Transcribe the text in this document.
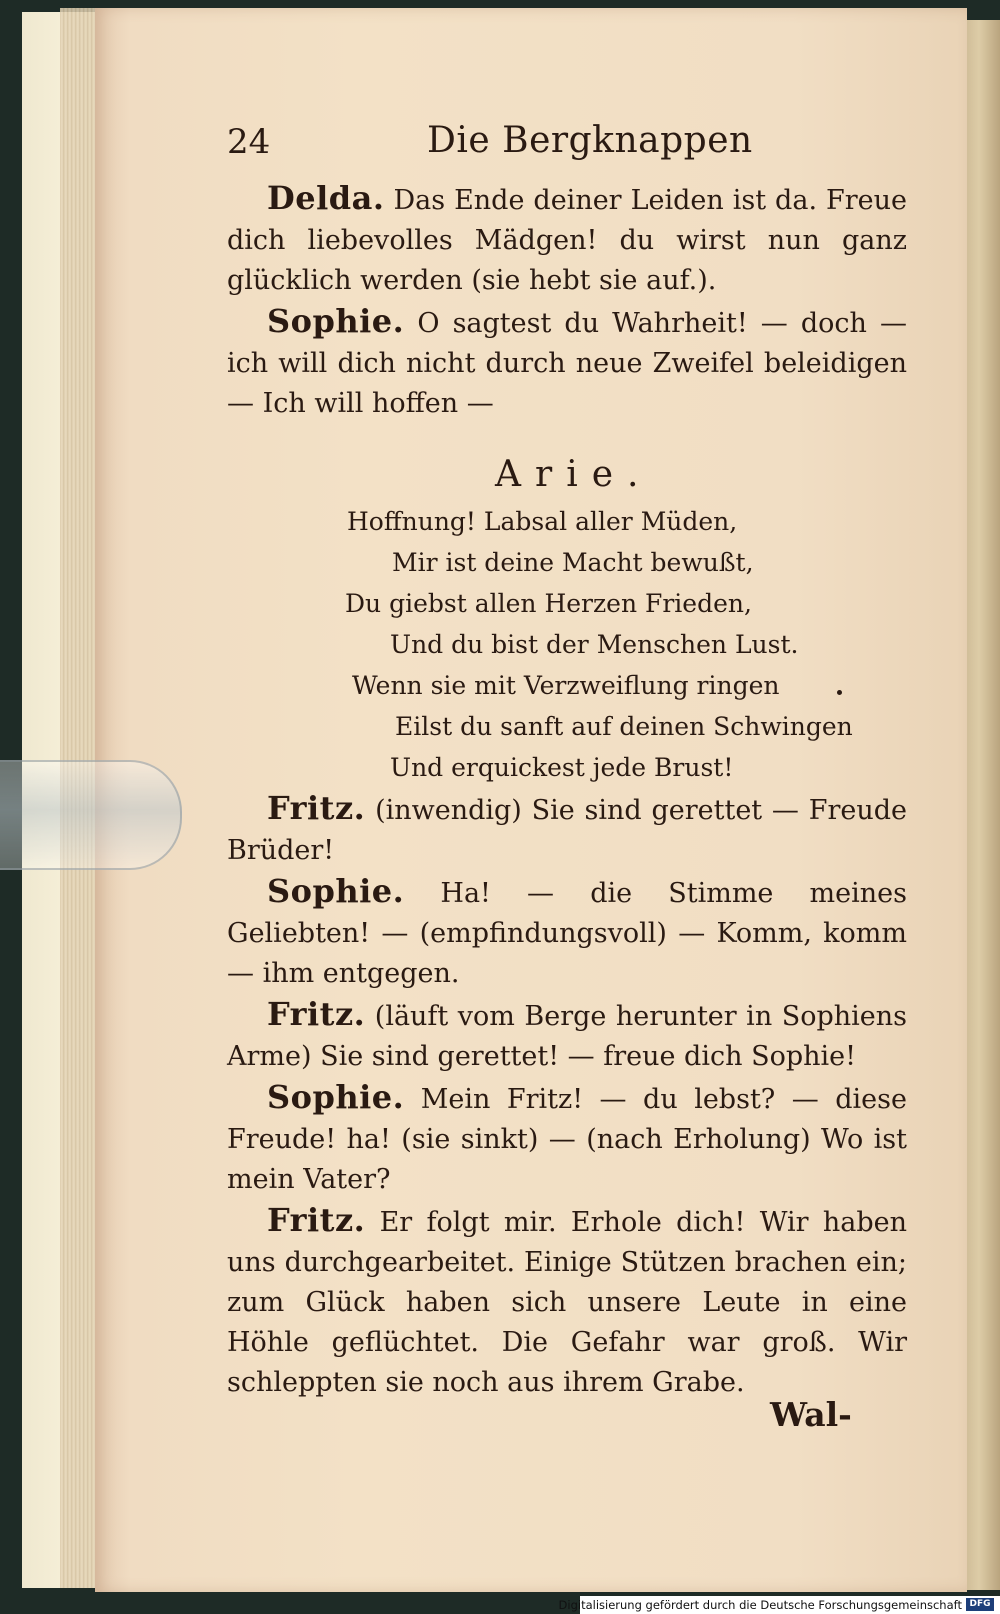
24	Die Bergknappen

Delda. Das Ende deiner Leiden ist da. Freue dich liebevolles Mädgen! du wirst nun ganz glücklich werden (sie hebt sie auf.).

Sophie. O sagtest du Wahrheit! — doch — ich will dich nicht durch neue Zweifel beleidigen — Ich will hoffen —

Arie.

Hoffnung! Labsal aller Müden,

Mir ist deine Macht bewußt,

Du giebst allen Herzen Frieden,

Und du bist der Menschen Lust.

Wenn sie mit Verzweiflung ringen

Eilst du sanft auf deinen Schwingen

Und erquickest jede Brust!

Fritz. (inwendig) Sie sind gerettet — Freude Brüder!

Sophie. Ha! — die Stimme meines Geliebten! — (empfindungsvoll) — Komm, komm — ihm entgegen.

Fritz. (läuft vom Berge herunter in Sophiens Arme) Sie sind gerettet! — freue dich Sophie!

Sophie. Mein Fritz! — du lebst? — diese Freude! ha! (sie sinkt) — (nach Erholung) Wo ist mein Vater?

Fritz. Er folgt mir. Erhole dich! Wir haben uns durchgearbeitet. Einige Stützen brachen ein; zum Glück haben sich unsere Leute in eine Höhle geflüchtet. Die Gefahr war groß. Wir schleppten sie noch aus ihrem Grabe.

Wal-
Digitalisierung gefördert durch die Deutsche Forschungsgemeinschaft DFG
